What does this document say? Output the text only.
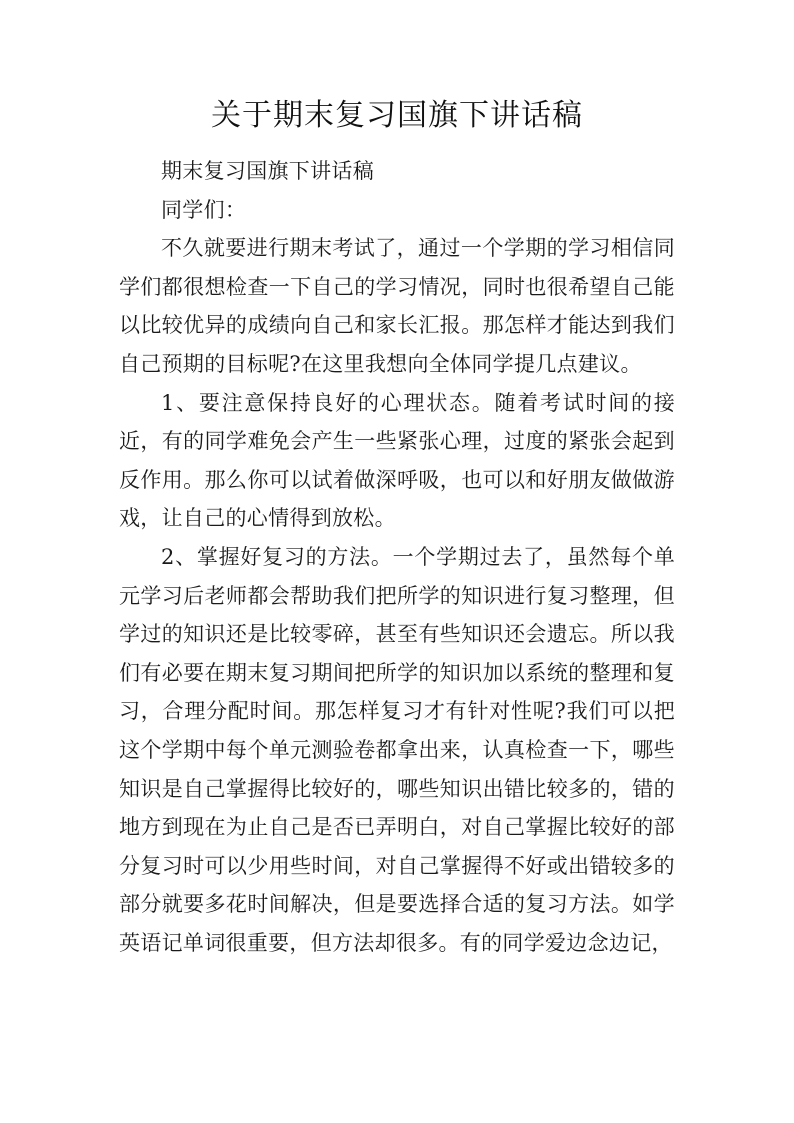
关于期末复习国旗下讲话稿

期末复习国旗下讲话稿

同学们：

不久就要进行期末考试了，通过一个学期的学习相信同学们都很想检查一下自己的学习情况，同时也很希望自己能以比较优异的成绩向自己和家长汇报。那怎样才能达到我们自己预期的目标呢?在这里我想向全体同学提几点建议。

1、要注意保持良好的心理状态。随着考试时间的接近，有的同学难免会产生一些紧张心理，过度的紧张会起到反作用。那么你可以试着做深呼吸，也可以和好朋友做做游戏，让自己的心情得到放松。

2、掌握好复习的方法。一个学期过去了，虽然每个单元学习后老师都会帮助我们把所学的知识进行复习整理，但学过的知识还是比较零碎，甚至有些知识还会遗忘。所以我们有必要在期末复习期间把所学的知识加以系统的整理和复习，合理分配时间。那怎样复习才有针对性呢?我们可以把这个学期中每个单元测验卷都拿出来，认真检查一下，哪些知识是自己掌握得比较好的，哪些知识出错比较多的，错的地方到现在为止自己是否已弄明白，对自己掌握比较好的部分复习时可以少用些时间，对自己掌握得不好或出错较多的部分就要多花时间解决，但是要选择合适的复习方法。如学英语记单词很重要，但方法却很多。有的同学爱边念边记，
